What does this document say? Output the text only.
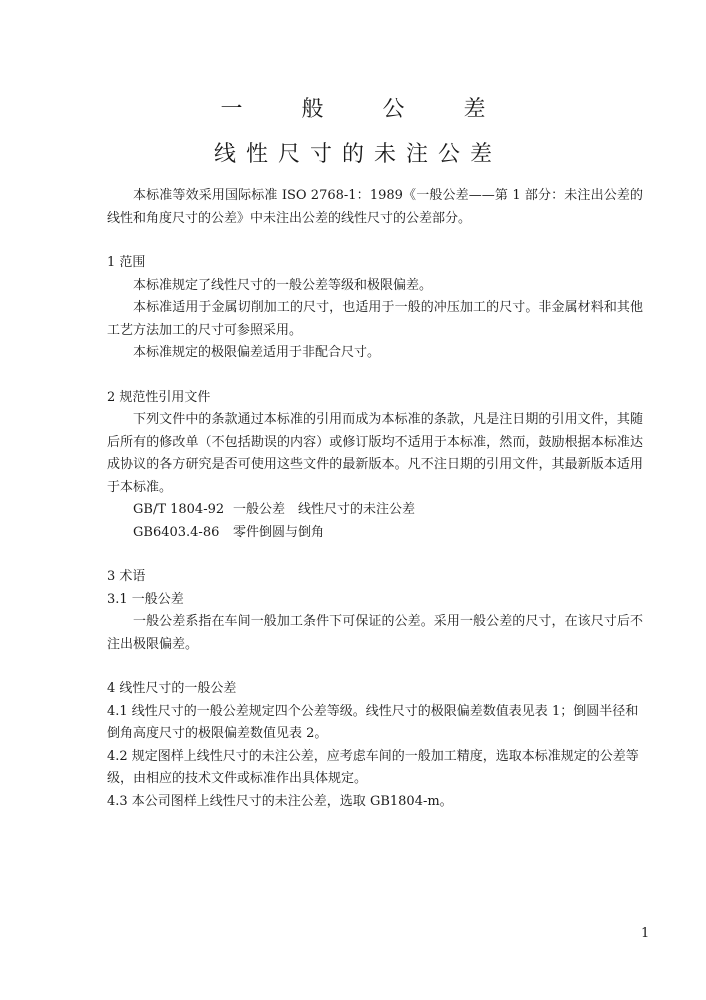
一 般 公 差
线性尺寸的未注公差

本标准等效采用国际标准 ISO 2768-1：1989《一般公差——第 1 部分：未注出公差的线性和角度尺寸的公差》中未注出公差的线性尺寸的公差部分。

1 范围

本标准规定了线性尺寸的一般公差等级和极限偏差。

本标准适用于金属切削加工的尺寸，也适用于一般的冲压加工的尺寸。非金属材料和其他工艺方法加工的尺寸可参照采用。

本标准规定的极限偏差适用于非配合尺寸。

2 规范性引用文件

下列文件中的条款通过本标准的引用而成为本标准的条款，凡是注日期的引用文件，其随后所有的修改单（不包括勘误的内容）或修订版均不适用于本标准，然而，鼓励根据本标准达成协议的各方研究是否可使用这些文件的最新版本。凡不注日期的引用文件，其最新版本适用于本标准。

GB/T 1804-92 一般公差　线性尺寸的未注公差

GB6403.4-86 零件倒圆与倒角

3 术语

3.1 一般公差

一般公差系指在车间一般加工条件下可保证的公差。采用一般公差的尺寸，在该尺寸后不注出极限偏差。

4 线性尺寸的一般公差

4.1 线性尺寸的一般公差规定四个公差等级。线性尺寸的极限偏差数值表见表 1；倒圆半径和倒角高度尺寸的极限偏差数值见表 2。

4.2 规定图样上线性尺寸的未注公差，应考虑车间的一般加工精度，选取本标准规定的公差等级，由相应的技术文件或标准作出具体规定。

4.3 本公司图样上线性尺寸的未注公差，选取 GB1804-m。

1
